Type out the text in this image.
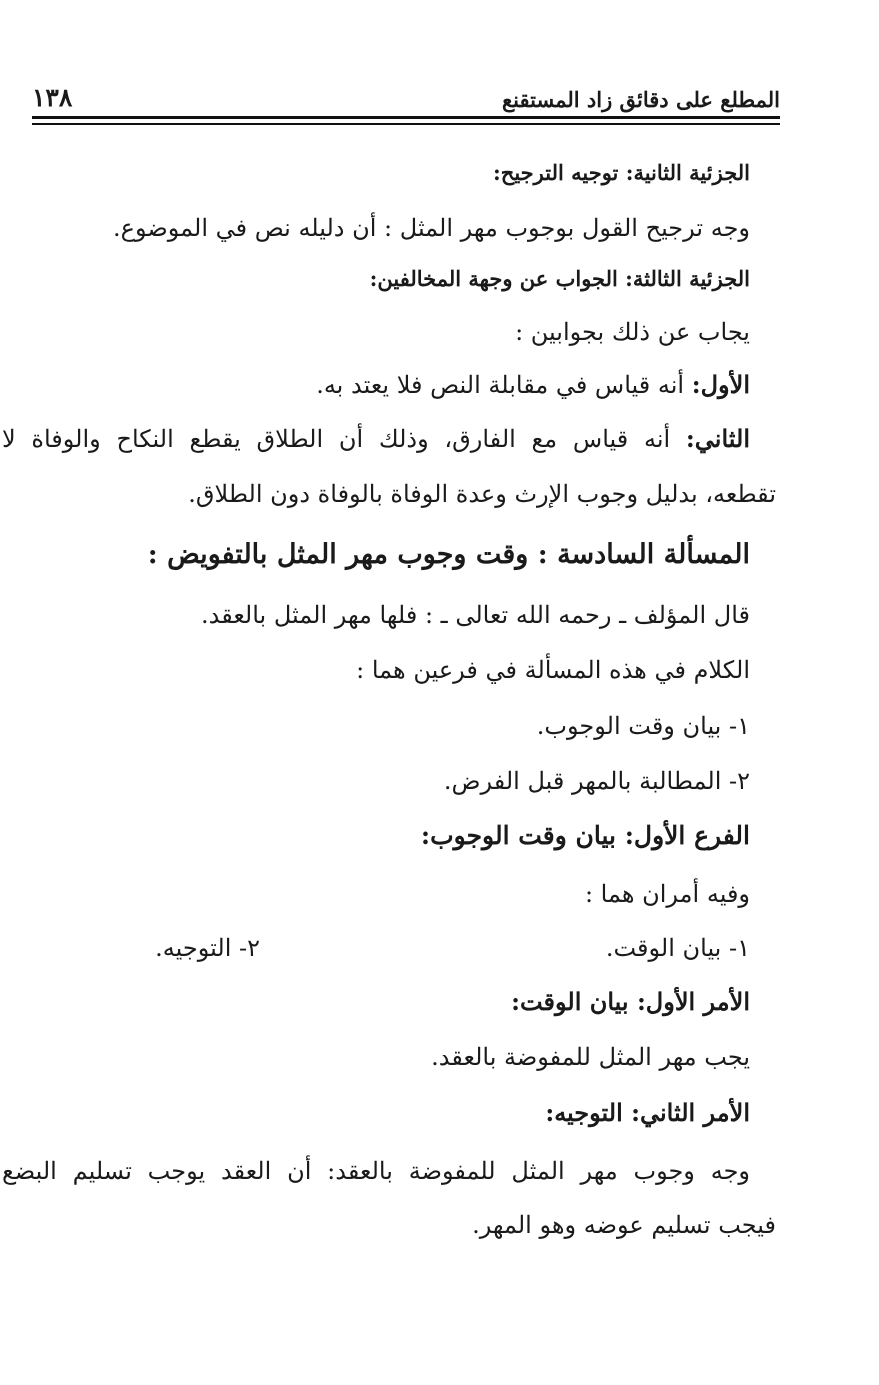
المطلع على دقائق زاد المستقنع
١٣٨

الجزئية الثانية: توجيه الترجيح:

وجه ترجيح القول بوجوب مهر المثل : أن دليله نص في الموضوع.

الجزئية الثالثة: الجواب عن وجهة المخالفين:

يجاب عن ذلك بجوابين :

الأول: أنه قياس في مقابلة النص فلا يعتد به.

الثاني: أنه قياس مع الفارق، وذلك أن الطلاق يقطع النكاح والوفاة لا

تقطعه، بدليل وجوب الإرث وعدة الوفاة بالوفاة دون الطلاق.

المسألة السادسة : وقت وجوب مهر المثل بالتفويض :

قال المؤلف ـ رحمه الله تعالى ـ : فلها مهر المثل بالعقد.

الكلام في هذه المسألة في فرعين هما :

١- بيان وقت الوجوب.

٢- المطالبة بالمهر قبل الفرض.

الفرع الأول: بيان وقت الوجوب:

وفيه أمران هما :

١- بيان الوقت.
٢- التوجيه.

الأمر الأول: بيان الوقت:

يجب مهر المثل للمفوضة بالعقد.

الأمر الثاني: التوجيه:

وجه وجوب مهر المثل للمفوضة بالعقد: أن العقد يوجب تسليم البضع

فيجب تسليم عوضه وهو المهر.
